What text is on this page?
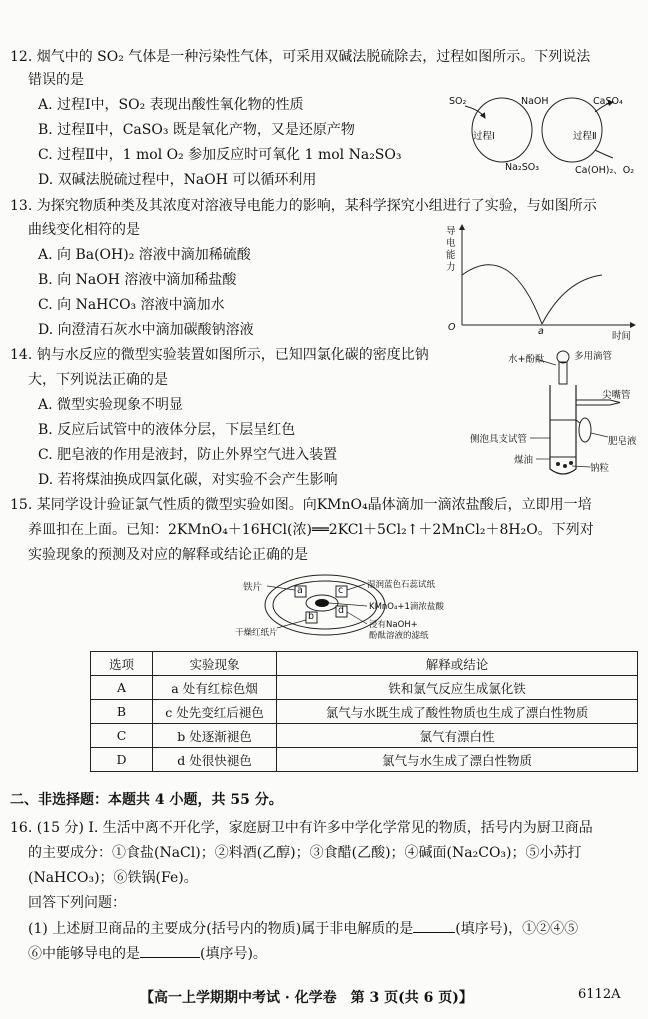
12. 烟气中的 SO₂ 气体是一种污染性气体，可采用双碱法脱硫除去，过程如图所示。下列说法
错误的是
A. 过程Ⅰ中，SO₂ 表现出酸性氧化物的性质
B. 过程Ⅱ中，CaSO₃ 既是氧化产物，又是还原产物
C. 过程Ⅱ中，1 mol O₂ 参加反应时可氧化 1 mol Na₂SO₃
D. 双碱法脱硫过程中，NaOH 可以循环利用
SO₂	NaOH	CaSO₄
过程Ⅰ	过程Ⅱ
Na₂SO₃	Ca(OH)₂、O₂
13. 为探究物质种类及其浓度对溶液导电能力的影响，某科学探究小组进行了实验，与如图所示
曲线变化相符的是
A. 向 Ba(OH)₂ 溶液中滴加稀硫酸
B. 向 NaOH 溶液中滴加稀盐酸
C. 向 NaHCO₃ 溶液中滴加水
D. 向澄清石灰水中滴加碳酸钠溶液
导电能力
O	a	时间
14. 钠与水反应的微型实验装置如图所示，已知四氯化碳的密度比钠
大，下列说法正确的是
A. 微型实验现象不明显
B. 反应后试管中的液体分层，下层呈红色
C. 肥皂液的作用是液封，防止外界空气进入装置
D. 若将煤油换成四氯化碳，对实验不会产生影响
水+酚酞	多用滴管
尖嘴管
侧泡具支试管	肥皂液
煤油
钠粒
15. 某同学设计验证氯气性质的微型实验如图。向KMnO₄晶体滴加一滴浓盐酸后，立即用一培
养皿扣在上面。已知：2KMnO₄＋16HCl(浓)══2KCl＋5Cl₂↑＋2MnCl₂＋8H₂O。下列对
实验现象的预测及对应的解释或结论正确的是
铁片	a	c
b
d
湿润蓝色石蕊试纸
KMnO₄+1滴浓盐酸
浸有NaOH+
酚酞溶液的滤纸
干燥红纸片
选项	实验现象	解释或结论
A	a 处有红棕色烟	铁和氯气反应生成氯化铁
B	c 处先变红后褪色	氯气与水既生成了酸性物质也生成了漂白性物质
C	b 处逐渐褪色	氯气有漂白性
D	d 处很快褪色	氯气与水生成了漂白性物质
二、非选择题：本题共 4 小题，共 55 分。
16. (15 分) Ⅰ. 生活中离不开化学，家庭厨卫中有许多中学化学常见的物质，括号内为厨卫商品
的主要成分：①食盐(NaCl)；②料酒(乙醇)；③食醋(乙酸)；④碱面(Na₂CO₃)；⑤小苏打
(NaHCO₃)；⑥铁锅(Fe)。
回答下列问题：
(1) 上述厨卫商品的主要成分(括号内的物质)属于非电解质的是	(填序号)，①②④⑤
⑥中能够导电的是	(填序号)。
【高一上学期期中考试 · 化学卷　第 3 页(共 6 页)】	6112A
